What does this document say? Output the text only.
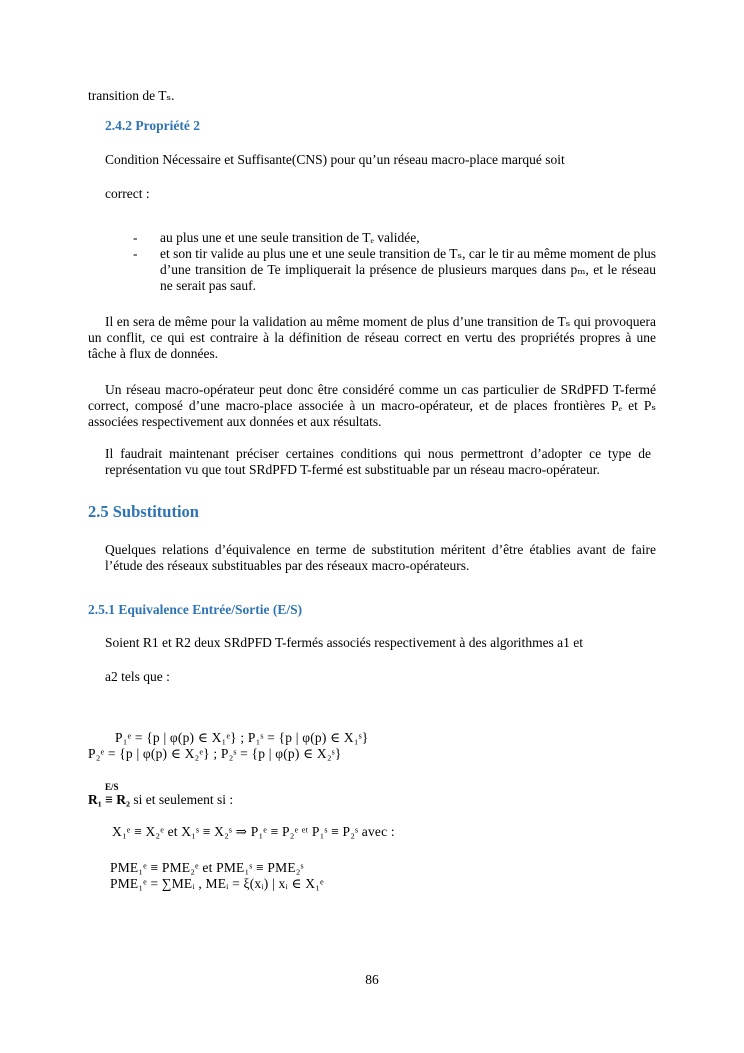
transition de Tₛ.

2.4.2 Propriété 2

Condition Nécessaire et Suffisante(CNS) pour qu’un réseau macro-place marqué soit

correct :

- au plus une et une seule transition de Tₑ validée,

- et son tir valide au plus une et une seule transition de Tₛ, car le tir au même moment de plus d’une transition de Te impliquerait la présence de plusieurs marques dans pₘ, et le réseau ne serait pas sauf.

Il en sera de même pour la validation au même moment de plus d’une transition de Tₛ qui provoquera un conflit, ce qui est contraire à la définition de réseau correct en vertu des propriétés propres à une tâche à flux de données.

Un réseau macro-opérateur peut donc être considéré comme un cas particulier de SRdPFD T-fermé correct, composé d’une macro-place associée à un macro-opérateur, et de places frontières Pₑ et Pₛ associées respectivement aux données et aux résultats.

Il faudrait maintenant préciser certaines conditions qui nous permettront d’adopter ce type de représentation vu que tout SRdPFD T-fermé est substituable par un réseau macro-opérateur.

2.5 Substitution

Quelques relations d’équivalence en terme de substitution méritent d’être établies avant de faire l’étude des réseaux substituables par des réseaux macro-opérateurs.

2.5.1 Equivalence Entrée/Sortie (E/S)

Soient R1 et R2 deux SRdPFD T-fermés associés respectivement à des algorithmes a1 et

a2 tels que :

P₁ᵉ = {p | φ(p) ∈ X₁ᵉ} ; P₁ˢ = {p | φ(p) ∈ X₁ˢ}

P₂ᵉ = {p | φ(p) ∈ X₂ᵉ} ; P₂ˢ = {p | φ(p) ∈ X₂ˢ}

E/S

R₁ ≡ R₂ si et seulement si :

X₁ᵉ ≡ X₂ᵉ et X₁ˢ ≡ X₂ˢ ⇒ P₁ᵉ ≡ P₂ᵉ ᵉᵗ P₁ˢ ≡ P₂ˢ avec :

PME₁ᵉ ≡ PME₂ᵉ et PME₁ˢ ≡ PME₂ˢ

PME₁ᵉ = ∑MEᵢ , MEᵢ = ξ(xᵢ) | xᵢ ∈ X₁ᵉ

86
